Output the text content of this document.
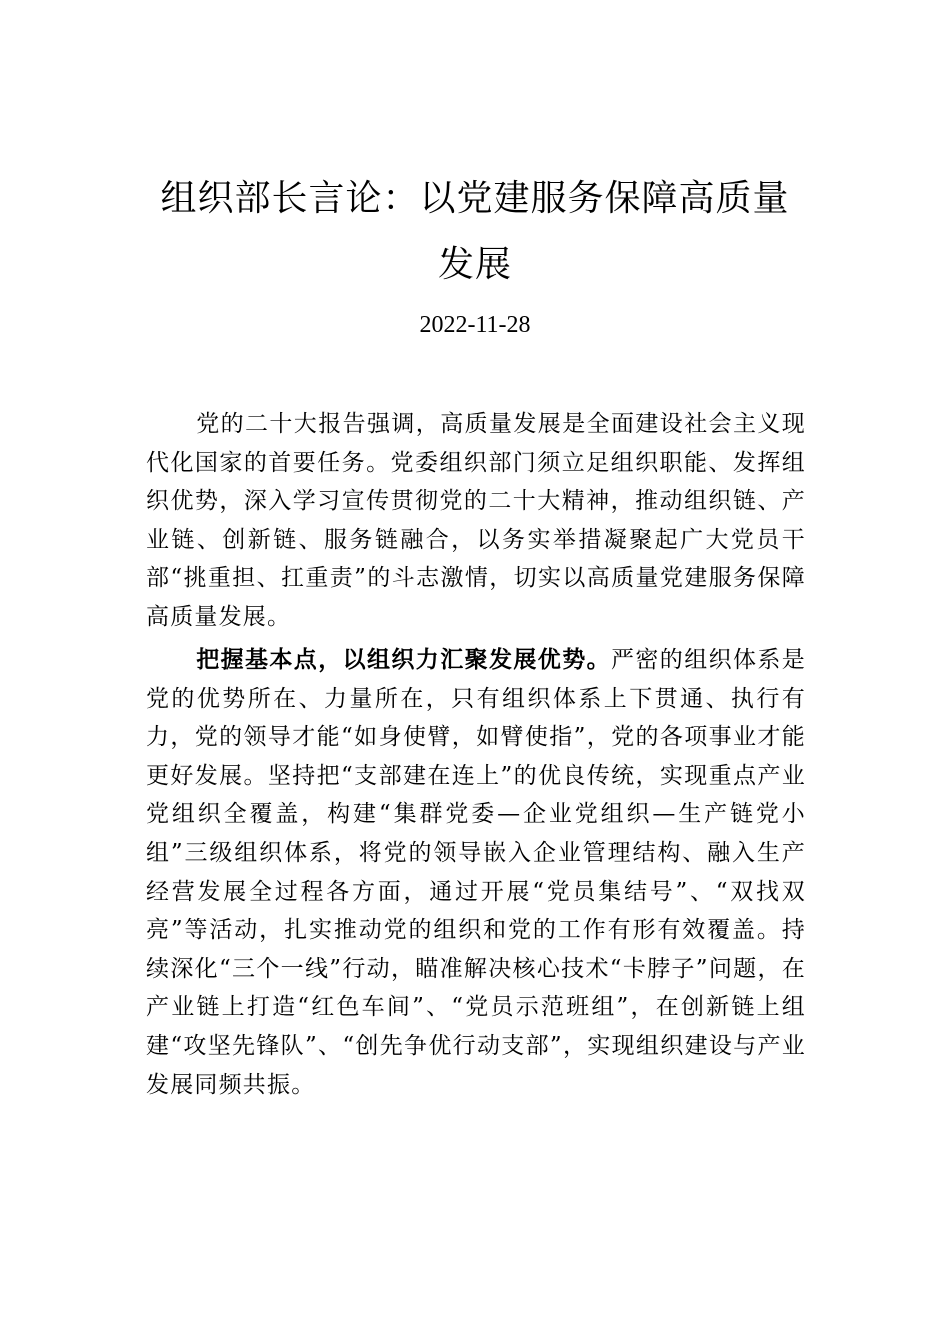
组织部长言论：以党建服务保障高质量
发展
2022-11-28

党的二十大报告强调，高质量发展是全面建设社会主义现代化国家的首要任务。党委组织部门须立足组织职能、发挥组织优势，深入学习宣传贯彻党的二十大精神，推动组织链、产业链、创新链、服务链融合，以务实举措凝聚起广大党员干部“挑重担、扛重责”的斗志激情，切实以高质量党建服务保障高质量发展。

把握基本点，以组织力汇聚发展优势。严密的组织体系是党的优势所在、力量所在，只有组织体系上下贯通、执行有力，党的领导才能“如身使臂，如臂使指”，党的各项事业才能更好发展。坚持把“支部建在连上”的优良传统，实现重点产业党组织全覆盖，构建“集群党委—企业党组织—生产链党小组”三级组织体系，将党的领导嵌入企业管理结构、融入生产经营发展全过程各方面，通过开展“党员集结号”、“双找双亮”等活动，扎实推动党的组织和党的工作有形有效覆盖。持续深化“三个一线”行动，瞄准解决核心技术“卡脖子”问题，在产业链上打造“红色车间”、“党员示范班组”，在创新链上组建“攻坚先锋队”、“创先争优行动支部”，实现组织建设与产业发展同频共振。
